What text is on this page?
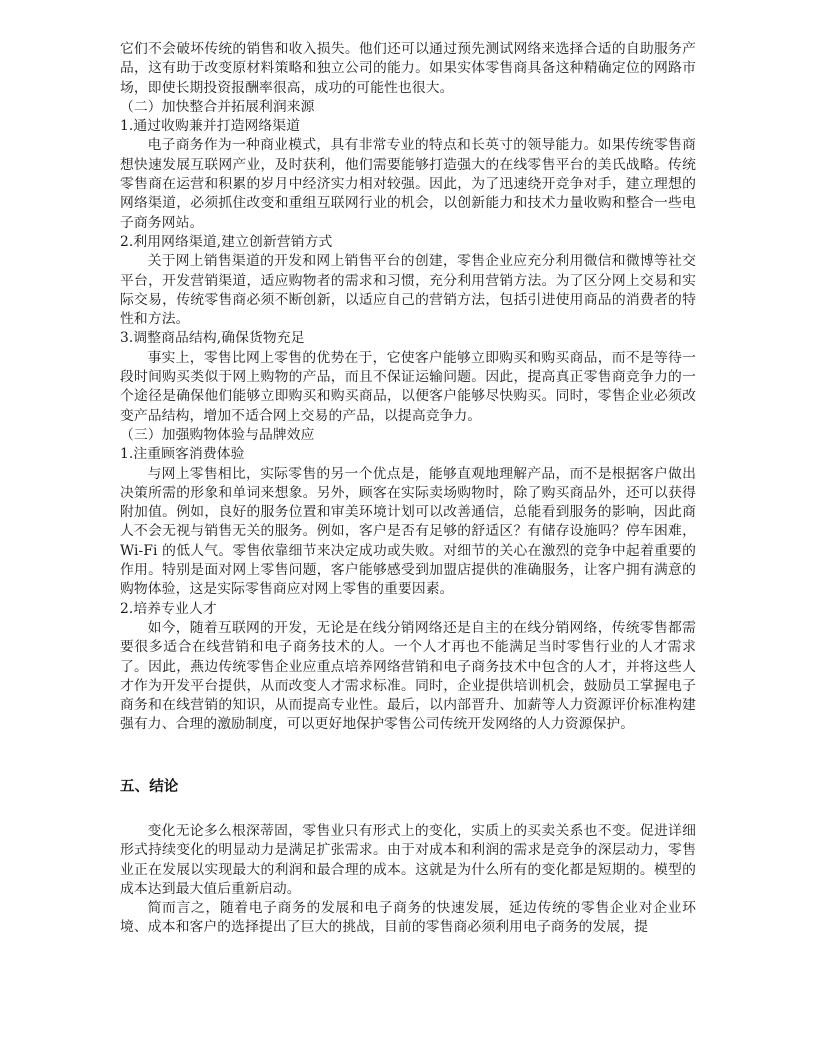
它们不会破坏传统的销售和收入损失。他们还可以通过预先测试网络来选择合适的自助服务产品，这有助于改变原材料策略和独立公司的能力。如果实体零售商具备这种精确定位的网路市场，即使长期投资报酬率很高，成功的可能性也很大。

（二）加快整合并拓展利润来源

1.通过收购兼并打造网络渠道

电子商务作为一种商业模式，具有非常专业的特点和长英寸的领导能力。如果传统零售商想快速发展互联网产业，及时获利，他们需要能够打造强大的在线零售平台的美氏战略。传统零售商在运营和积累的岁月中经济实力相对较强。因此，为了迅速绕开竞争对手，建立理想的网络渠道，必须抓住改变和重组互联网行业的机会，以创新能力和技术力量收购和整合一些电子商务网站。

2.利用网络渠道,建立创新营销方式

关于网上销售渠道的开发和网上销售平台的创建，零售企业应充分利用微信和微博等社交平台，开发营销渠道，适应购物者的需求和习惯，充分利用营销方法。为了区分网上交易和实际交易，传统零售商必须不断创新，以适应自己的营销方法，包括引进使用商品的消费者的特性和方法。

3.调整商品结构,确保货物充足

事实上，零售比网上零售的优势在于，它使客户能够立即购买和购买商品，而不是等待一段时间购买类似于网上购物的产品，而且不保证运输问题。因此，提高真正零售商竞争力的一个途径是确保他们能够立即购买和购买商品，以便客户能够尽快购买。同时，零售企业必须改变产品结构，增加不适合网上交易的产品，以提高竞争力。

（三）加强购物体验与品牌效应

1.注重顾客消费体验

与网上零售相比，实际零售的另一个优点是，能够直观地理解产品，而不是根据客户做出决策所需的形象和单词来想象。另外，顾客在实际卖场购物时，除了购买商品外，还可以获得附加值。例如，良好的服务位置和审美环境计划可以改善通信，总能看到服务的影响，因此商人不会无视与销售无关的服务。例如，客户是否有足够的舒适区？有储存设施吗？停车困难，Wi-Fi 的低人气。零售依靠细节来决定成功或失败。对细节的关心在激烈的竞争中起着重要的作用。特别是面对网上零售问题，客户能够感受到加盟店提供的准确服务，让客户拥有满意的购物体验，这是实际零售商应对网上零售的重要因素。

2.培养专业人才

如今，随着互联网的开发，无论是在线分销网络还是自主的在线分销网络，传统零售都需要很多适合在线营销和电子商务技术的人。一个人才再也不能满足当时零售行业的人才需求了。因此，燕边传统零售企业应重点培养网络营销和电子商务技术中包含的人才，并将这些人才作为开发平台提供，从而改变人才需求标准。同时，企业提供培训机会，鼓励员工掌握电子商务和在线营销的知识，从而提高专业性。最后，以内部晋升、加薪等人力资源评价标准构建强有力、合理的激励制度，可以更好地保护零售公司传统开发网络的人力资源保护。

五、结论

变化无论多么根深蒂固，零售业只有形式上的变化，实质上的买卖关系也不变。促进详细形式持续变化的明显动力是满足扩张需求。由于对成本和利润的需求是竞争的深层动力，零售业正在发展以实现最大的利润和最合理的成本。这就是为什么所有的变化都是短期的。模型的成本达到最大值后重新启动。

简而言之，随着电子商务的发展和电子商务的快速发展，延边传统的零售企业对企业环境、成本和客户的选择提出了巨大的挑战，目前的零售商必须利用电子商务的发展，提
